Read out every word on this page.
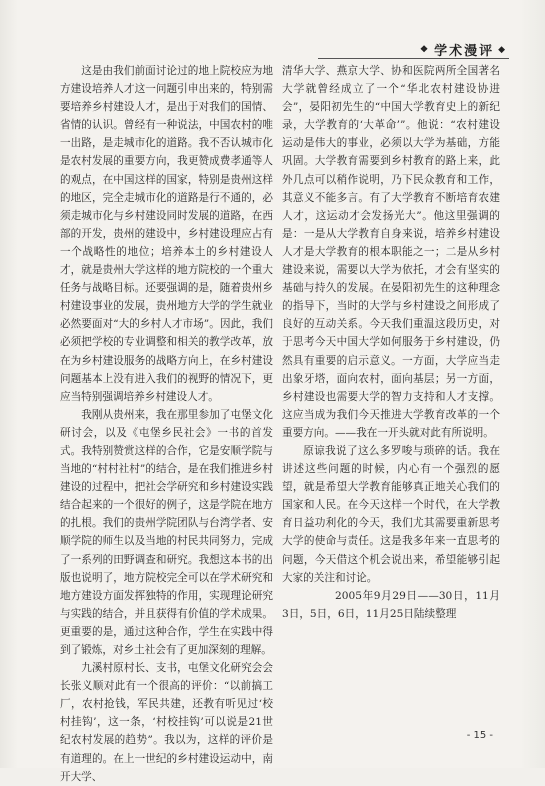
❖ 学术漫评 ◆

这是由我们前面讨论过的地上院校应为地方建设培养人才这一问题引申出来的，特别需要培养乡村建设人才，是出于对我们的国情、省情的认识。曾经有一种说法，中国农村的唯一出路，是走城市化的道路。我不否认城市化是农村发展的重要方向，我更赞成费孝通等人的观点，在中国这样的国家，特别是贵州这样的地区，完全走城市化的道路是行不通的，必须走城市化与乡村建设同时发展的道路，在西部的开发，贵州的建设中，乡村建设理应占有一个战略性的地位；培养本土的乡村建设人才，就是贵州大学这样的地方院校的一个重大任务与战略目标。还要强调的是，随着贵州乡村建设事业的发展，贵州地方大学的学生就业必然要面对“大的乡村人才市场”。因此，我们必须把学校的专业调整和相关的教学改革，放在为乡村建设服务的战略方向上，在乡村建设问题基本上没有进入我们的视野的情况下，更应当特别强调培养乡村建设人才。

我刚从贵州来，我在那里参加了屯堡文化研讨会，以及《屯堡乡民社会》一书的首发式。我特别赞赏这样的合作，它是安顺学院与当地的“村村社村”的结合，是在我们推进乡村建设的过程中，把社会学研究和乡村建设实践结合起来的一个很好的例子，这是学院在地方的扎根。我们的贵州学院团队与台湾学者、安顺学院的师生以及当地的村民共同努力，完成了一系列的田野调查和研究。我想这本书的出版也说明了，地方院校完全可以在学术研究和地方建设方面发挥独特的作用，实现理论研究与实践的结合，并且获得有价值的学术成果。更重要的是，通过这种合作，学生在实践中得到了锻炼，对乡土社会有了更加深刻的理解。

九溪村原村长、支书，屯堡文化研究会会长张义顺对此有一个很高的评价：“以前搞工厂，农村抢钱，军民共建，还教有听见过‘校村挂钩’，这一条，‘村校挂钩’可以说是21世纪农村发展的趋势”。我以为，这样的评价是有道理的。在上一世纪的乡村建设运动中，南开大学、

清华大学、燕京大学、协和医院两所全国著名大学就曾经成立了一个“华北农村建设协进会”，晏阳初先生的“中国大学教育史上的新纪录，大学教育的‘大革命’”。他说：“农村建设运动是伟大的事业，必须以大学为基础，方能巩固。大学教育需要到乡村教育的路上来，此外几点可以稍作说明，乃下民众教育和工作，其意义不能多言。有了大学教育不断培育农建人才，这运动才会发扬光大”。他这里强调的是：一是从大学教育自身来说，培养乡村建设人才是大学教育的根本职能之一；二是从乡村建设来说，需要以大学为依托，才会有坚实的基础与持久的发展。在晏阳初先生的这种理念的指导下，当时的大学与乡村建设之间形成了良好的互动关系。今天我们重温这段历史，对于思考今天中国大学如何服务于乡村建设，仍然具有重要的启示意义。一方面，大学应当走出象牙塔，面向农村，面向基层；另一方面，乡村建设也需要大学的智力支持和人才支撑。这应当成为我们今天推进大学教育改革的一个重要方向。——我在一开头就对此有所说明。

原谅我说了这么多罗唆与琐碎的话。我在讲述这些问题的时候，内心有一个强烈的愿望，就是希望大学教育能够真正地关心我们的国家和人民。在今天这样一个时代，在大学教育日益功利化的今天，我们尤其需要重新思考大学的使命与责任。这是我多年来一直思考的问题，今天借这个机会说出来，希望能够引起大家的关注和讨论。

2005年9月29日——30日，11月3日，5日，6日，11月25日陆续整理

- 15 -
